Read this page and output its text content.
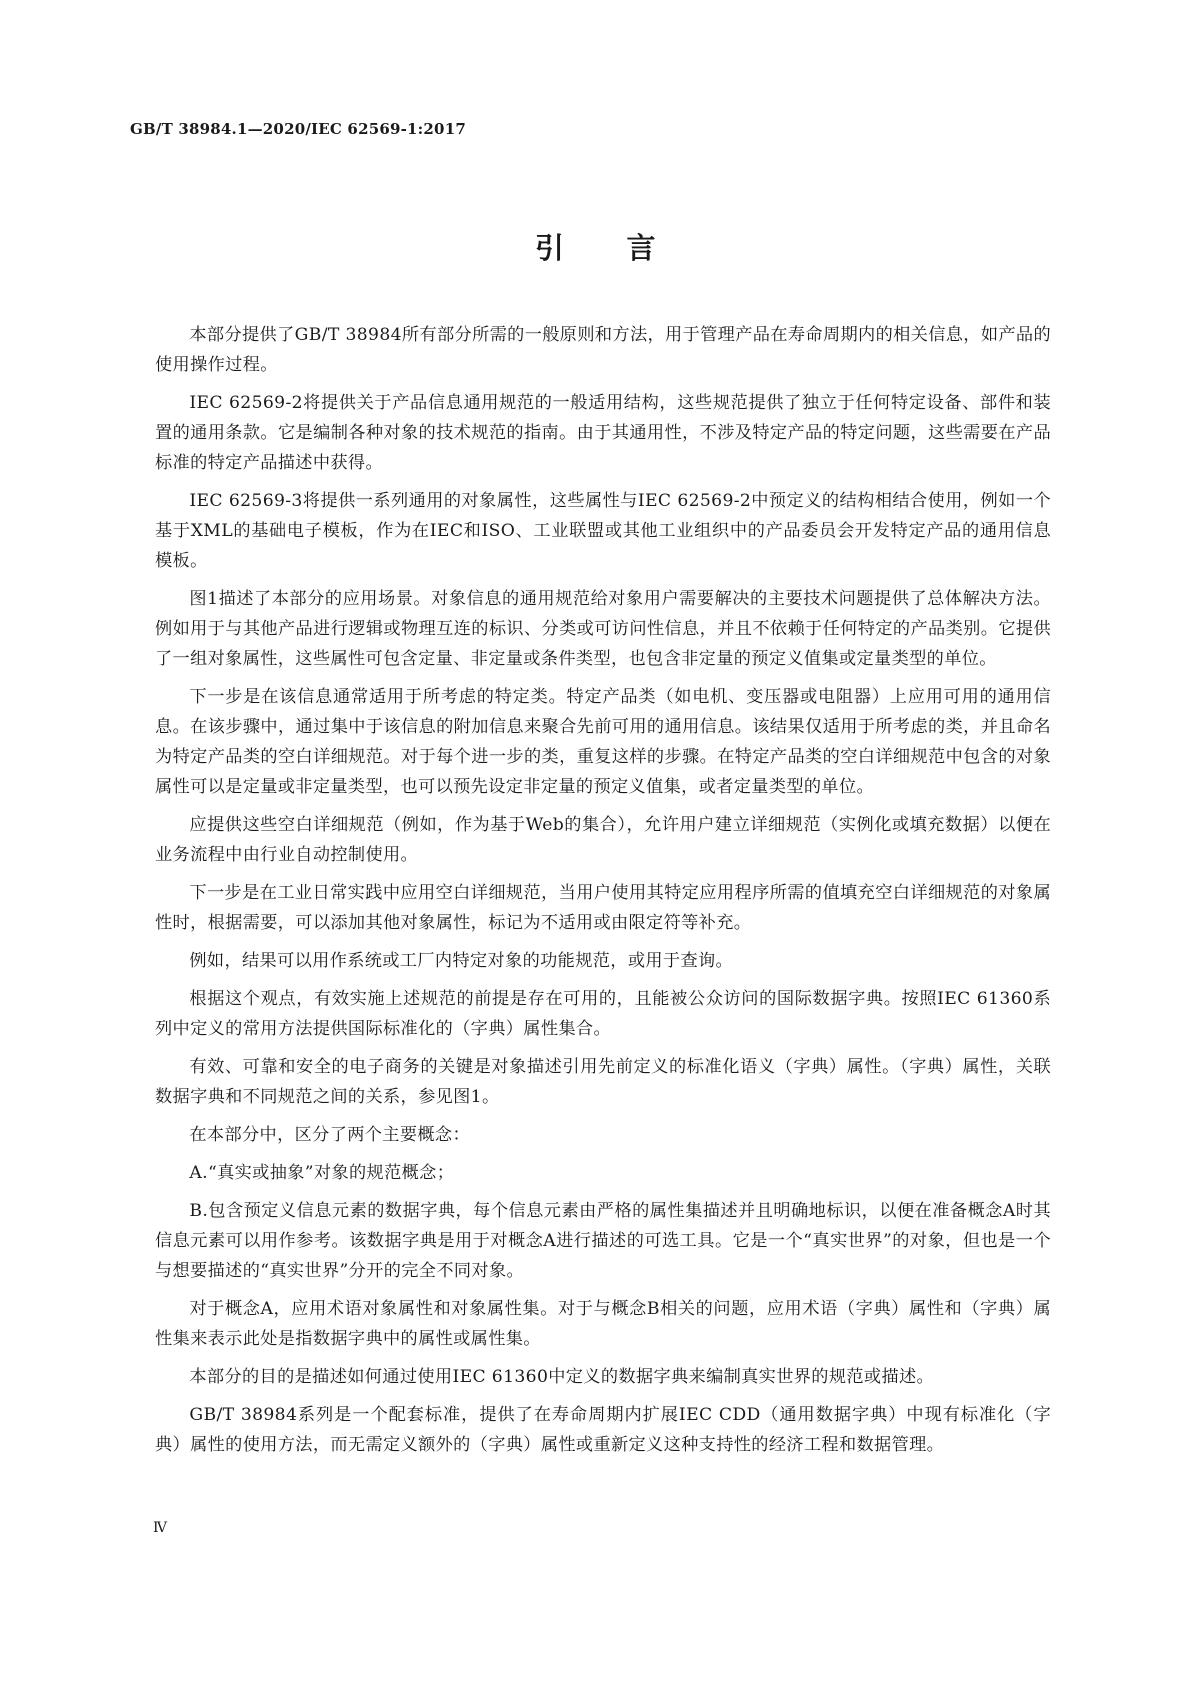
GB/T 38984.1—2020/IEC 62569-1:2017
引 言

本部分提供了GB/T 38984所有部分所需的一般原则和方法，用于管理产品在寿命周期内的相关信息，如产品的使用操作过程。

IEC 62569-2将提供关于产品信息通用规范的一般适用结构，这些规范提供了独立于任何特定设备、部件和装置的通用条款。它是编制各种对象的技术规范的指南。由于其通用性，不涉及特定产品的特定问题，这些需要在产品标准的特定产品描述中获得。

IEC 62569-3将提供一系列通用的对象属性，这些属性与IEC 62569-2中预定义的结构相结合使用，例如一个基于XML的基础电子模板，作为在IEC和ISO、工业联盟或其他工业组织中的产品委员会开发特定产品的通用信息模板。

图1描述了本部分的应用场景。对象信息的通用规范给对象用户需要解决的主要技术问题提供了总体解决方法。例如用于与其他产品进行逻辑或物理互连的标识、分类或可访问性信息，并且不依赖于任何特定的产品类别。它提供了一组对象属性，这些属性可包含定量、非定量或条件类型，也包含非定量的预定义值集或定量类型的单位。

下一步是在该信息通常适用于所考虑的特定类。特定产品类（如电机、变压器或电阻器）上应用可用的通用信息。在该步骤中，通过集中于该信息的附加信息来聚合先前可用的通用信息。该结果仅适用于所考虑的类，并且命名为特定产品类的空白详细规范。对于每个进一步的类，重复这样的步骤。在特定产品类的空白详细规范中包含的对象属性可以是定量或非定量类型，也可以预先设定非定量的预定义值集，或者定量类型的单位。

应提供这些空白详细规范（例如，作为基于Web的集合），允许用户建立详细规范（实例化或填充数据）以便在业务流程中由行业自动控制使用。

下一步是在工业日常实践中应用空白详细规范，当用户使用其特定应用程序所需的值填充空白详细规范的对象属性时，根据需要，可以添加其他对象属性，标记为不适用或由限定符等补充。

例如，结果可以用作系统或工厂内特定对象的功能规范，或用于查询。

根据这个观点，有效实施上述规范的前提是存在可用的，且能被公众访问的国际数据字典。按照IEC 61360系列中定义的常用方法提供国际标准化的（字典）属性集合。

有效、可靠和安全的电子商务的关键是对象描述引用先前定义的标准化语义（字典）属性。（字典）属性，关联数据字典和不同规范之间的关系，参见图1。

在本部分中，区分了两个主要概念：

A.“真实或抽象”对象的规范概念；

B.包含预定义信息元素的数据字典，每个信息元素由严格的属性集描述并且明确地标识，以便在准备概念A时其信息元素可以用作参考。该数据字典是用于对概念A进行描述的可选工具。它是一个“真实世界”的对象，但也是一个与想要描述的“真实世界”分开的完全不同对象。

对于概念A，应用术语对象属性和对象属性集。对于与概念B相关的问题，应用术语（字典）属性和（字典）属性集来表示此处是指数据字典中的属性或属性集。

本部分的目的是描述如何通过使用IEC 61360中定义的数据字典来编制真实世界的规范或描述。

GB/T 38984系列是一个配套标准，提供了在寿命周期内扩展IEC CDD（通用数据字典）中现有标准化（字典）属性的使用方法，而无需定义额外的（字典）属性或重新定义这种支持性的经济工程和数据管理。

Ⅳ
